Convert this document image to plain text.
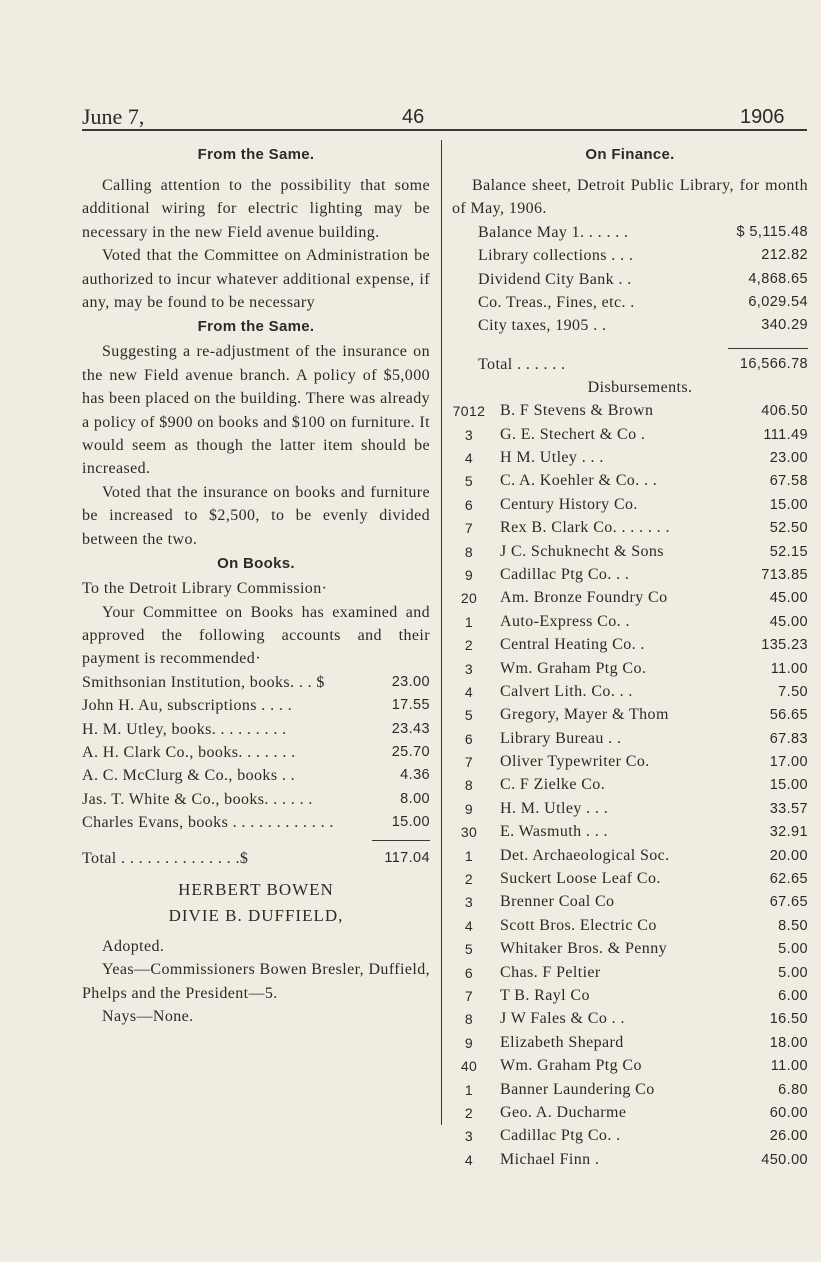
June 7,	46	1906
From the Same.

Calling attention to the possibility that some additional wiring for electric lighting may be necessary in the new Field avenue building.

Voted that the Committee on Administration be authorized to incur whatever additional expense, if any, may be found to be necessary

From the Same.

Suggesting a re-adjustment of the insurance on the new Field avenue branch. A policy of $5,000 has been placed on the building. There was already a policy of $900 on books and $100 on furniture. It would seem as though the latter item should be increased.

Voted that the insurance on books and furniture be increased to $2,500, to be evenly divided between the two.

On Books.

To the Detroit Library Commission·

Your Committee on Books has examined and approved the following accounts and their payment is recommended·

Smithsonian Institution, books. . . $	23.00
John H. Au, subscriptions . . . .	17.55
H. M. Utley, books. . . . . . . . .	23.43
A. H. Clark Co., books. . . . . . .	25.70
A. C. McClurg & Co., books . .	4.36
Jas. T. White & Co., books. . . . . .	8.00
Charles Evans, books . . . . . . . . . . . .	15.00
Total . . . . . . . . . . . . . .$	117.04
HERBERT BOWEN
DIVIE B. DUFFIELD,

Adopted.

Yeas—Commissioners Bowen Bresler, Duffield, Phelps and the President—5.

Nays—None.

On Finance.

Balance sheet, Detroit Public Library, for month of May, 1906.

Balance May 1. . . . . .	$ 5,115.48
Library collections . . .	212.82
Dividend City Bank . .	4,868.65
Co. Treas., Fines, etc. .	6,029.54
City taxes, 1905 . .	340.29
Total . . . . . .	16,566.78
Disbursements.
7012	B. F Stevens & Brown	406.50
3	G. E. Stechert & Co .	111.49
4	H M. Utley . . .	23.00
5	C. A. Koehler & Co. . .	67.58
6	Century History Co.	15.00
7	Rex B. Clark Co. . . . . . .	52.50
8	J C. Schuknecht & Sons	52.15
9	Cadillac Ptg Co. . .	713.85
20	Am. Bronze Foundry Co	45.00
1	Auto-Express Co. .	45.00
2	Central Heating Co. .	135.23
3	Wm. Graham Ptg Co.	11.00
4	Calvert Lith. Co. . .	7.50
5	Gregory, Mayer & Thom	56.65
6	Library Bureau . .	67.83
7	Oliver Typewriter Co.	17.00
8	C. F Zielke Co.	15.00
9	H. M. Utley . . .	33.57
30	E. Wasmuth . . .	32.91
1	Det. Archaeological Soc.	20.00
2	Suckert Loose Leaf Co.	62.65
3	Brenner Coal Co	67.65
4	Scott Bros. Electric Co	8.50
5	Whitaker Bros. & Penny	5.00
6	Chas. F Peltier	5.00
7	T B. Rayl Co	6.00
8	J W Fales & Co . .	16.50
9	Elizabeth Shepard	18.00
40	Wm. Graham Ptg Co	11.00
1	Banner Laundering Co	6.80
2	Geo. A. Ducharme	60.00
3	Cadillac Ptg Co. .	26.00
4	Michael Finn .	450.00
